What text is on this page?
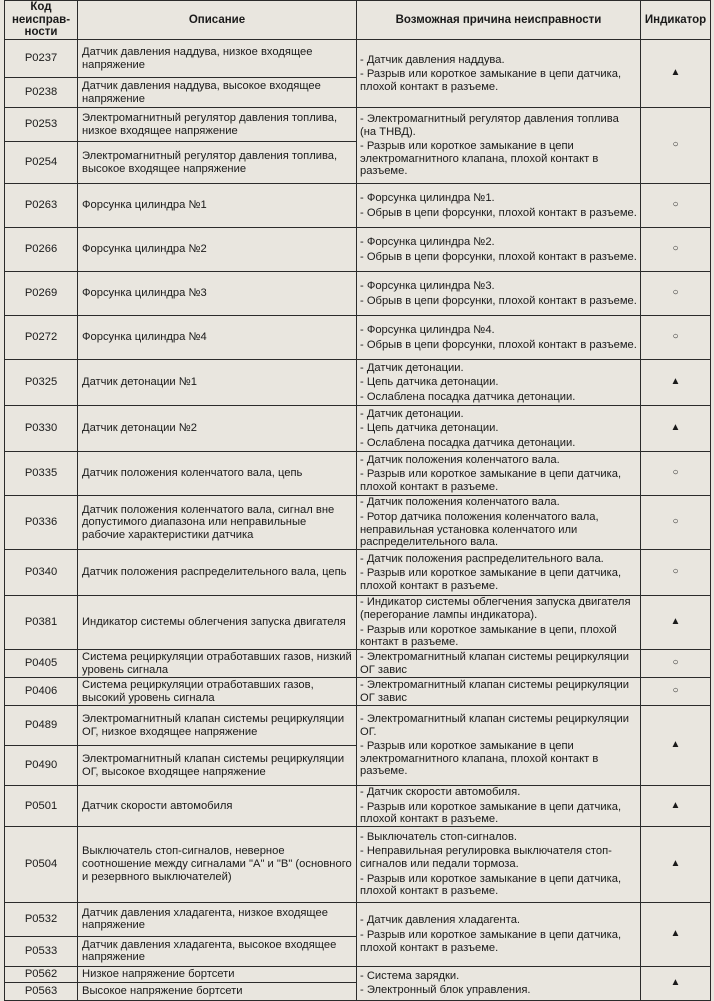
Код неисправ-ности	Описание	Возможная причина неисправности	Индикатор
P0237	Датчик давления наддува, низкое входящее напряжение	- Датчик давления наддува.
- Разрыв или короткое замыкание в цепи датчика, плохой контакт в разъеме.	▲
P0238	Датчик давления наддува, высокое входящее напряжение		
P0253	Электромагнитный регулятор давления топлива, низкое входящее напряжение	- Электромагнитный регулятор давления топлива (на ТНВД).
- Разрыв или короткое замыкание в цепи электромагнитного клапана, плохой контакт в разъеме.	○
P0254	Электромагнитный регулятор давления топлива, высокое входящее напряжение		
P0263	Форсунка цилиндра №1	- Форсунка цилиндра №1.
- Обрыв в цепи форсунки, плохой контакт в разъеме.	○
P0266	Форсунка цилиндра №2	- Форсунка цилиндра №2.
- Обрыв в цепи форсунки, плохой контакт в разъеме.	○
P0269	Форсунка цилиндра №3	- Форсунка цилиндра №3.
- Обрыв в цепи форсунки, плохой контакт в разъеме.	○
P0272	Форсунка цилиндра №4	- Форсунка цилиндра №4.
- Обрыв в цепи форсунки, плохой контакт в разъеме.	○
P0325	Датчик детонации №1	- Датчик детонации.
- Цепь датчика детонации.
- Ослаблена посадка датчика детонации.	▲
P0330	Датчик детонации №2	- Датчик детонации.
- Цепь датчика детонации.
- Ослаблена посадка датчика детонации.	▲
P0335	Датчик положения коленчатого вала, цепь	- Датчик положения коленчатого вала.
- Разрыв или короткое замыкание в цепи датчика, плохой контакт в разъеме.	○
P0336	Датчик положения коленчатого вала, сигнал вне допустимого диапазона или неправильные рабочие характеристики датчика	- Датчик положения коленчатого вала.
- Ротор датчика положения коленчатого вала, неправильная установка коленчатого или распределительного вала.	○
P0340	Датчик положения распределительного вала, цепь	- Датчик положения распределительного вала.
- Разрыв или короткое замыкание в цепи датчика, плохой контакт в разъеме.	○
P0381	Индикатор системы облегчения запуска двигателя	- Индикатор системы облегчения запуска двигателя (перегорание лампы индикатора).
- Разрыв или короткое замыкание в цепи, плохой контакт в разъеме.	▲
P0405	Система рециркуляции отработавших газов, низкий уровень сигнала	- Электромагнитный клапан системы рециркуляции ОГ завис	○
P0406	Система рециркуляции отработавших газов, высокий уровень сигнала	- Электромагнитный клапан системы рециркуляции ОГ завис	○
P0489	Электромагнитный клапан системы рециркуляции ОГ, низкое входящее напряжение	- Электромагнитный клапан системы рециркуляции ОГ.
- Разрыв или короткое замыкание в цепи электромагнитного клапана, плохой контакт в разъеме.	▲
P0490	Электромагнитный клапан системы рециркуляции ОГ, высокое входящее напряжение		
P0501	Датчик скорости автомобиля	- Датчик скорости автомобиля.
- Разрыв или короткое замыкание в цепи датчика, плохой контакт в разъеме.	▲
P0504	Выключатель стоп-сигналов, неверное соотношение между сигналами "А" и "В" (основного и резервного выключателей)	- Выключатель стоп-сигналов.
- Неправильная регулировка выключателя стоп-сигналов или педали тормоза.
- Разрыв или короткое замыкание в цепи датчика, плохой контакт в разъеме.	▲
P0532	Датчик давления хладагента, низкое входящее напряжение	- Датчик давления хладагента.
- Разрыв или короткое замыкание в цепи датчика, плохой контакт в разъеме.	▲
P0533	Датчик давления хладагента, высокое входящее напряжение		
P0562	Низкое напряжение бортсети	- Система зарядки.
- Электронный блок управления.	▲
P0563	Высокое напряжение бортсети		
